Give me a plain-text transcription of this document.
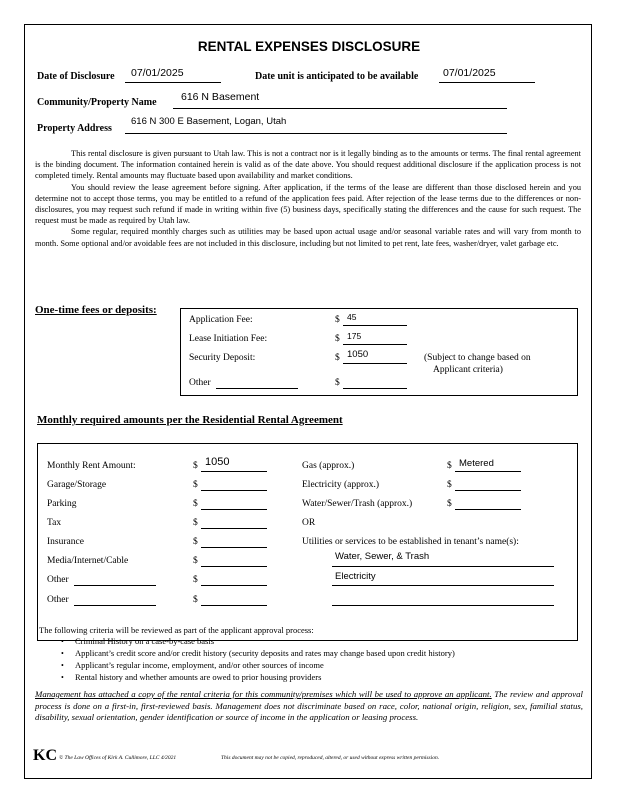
RENTAL EXPENSES DISCLOSURE
Date of Disclosure 07/01/2025	Date unit is anticipated to be available 07/01/2025
Community/Property Name 616 N Basement
Property Address
616 N 300 E Basement, Logan, Utah

This rental disclosure is given pursuant to Utah law. This is not a contract nor is it legally binding as to the amounts or terms. The final rental agreement is the binding document. The information contained herein is valid as of the date above. You should request additional disclosure if the application process is not completed timely. Rental amounts may fluctuate based upon availability and market conditions.

You should review the lease agreement before signing. After application, if the terms of the lease are different than those disclosed herein and you determine not to accept those terms, you may be entitled to a refund of the application fees paid. After rejection of the lease terms due to the differences or non-disclosures, you may request such refund if made in writing within five (5) business days, specifically stating the differences and the cause for such request. The request must be made as required by Utah law.

Some regular, required monthly charges such as utilities may be based upon actual usage and/or seasonal variable rates and will vary from month to month. Some optional and/or avoidable fees are not included in this disclosure, including but not limited to pet rent, late fees, washer/dryer, valet garbage etc.

One-time fees or deposits:
Application Fee:	$ 45
Lease Initiation Fee:	$ 175
Security Deposit:	$ 1050	(Subject to change based on
Applicant criteria)
Other	$
Monthly required amounts per the Residential Rental Agreement
Monthly Rent Amount:	$ 1050
Garage/Storage	$
Parking	$
Tax	$
Insurance	$
Media/Internet/Cable	$
Other	$
Other	$
Gas (approx.)	$ Metered
Electricity (approx.)	$
Water/Sewer/Trash (approx.)	$
OR
Utilities or services to be established in tenant’s name(s):
Water, Sewer, & Trash
Electricity
The following criteria will be reviewed as part of the applicant approval process:
• Criminal History on a case-by-case basis
• Applicant’s credit score and/or credit history (security deposits and rates may change based upon credit history)
• Applicant’s regular income, employment, and/or other sources of income
• Rental history and whether amounts are owed to prior housing providers
Management has attached a copy of the rental criteria for this community/premises which will be used to approve an applicant. The review and approval process is done on a first-in, first-reviewed basis. Management does not discriminate based on race, color, national origin, religion, sex, familial status, disability, sexual orientation, gender identification or source of income in the application or leasing process.
KC © The Law Offices of Kirk A. Cullimore, LLC 4/2021	This document may not be copied, reproduced, altered, or used without express written permission.
